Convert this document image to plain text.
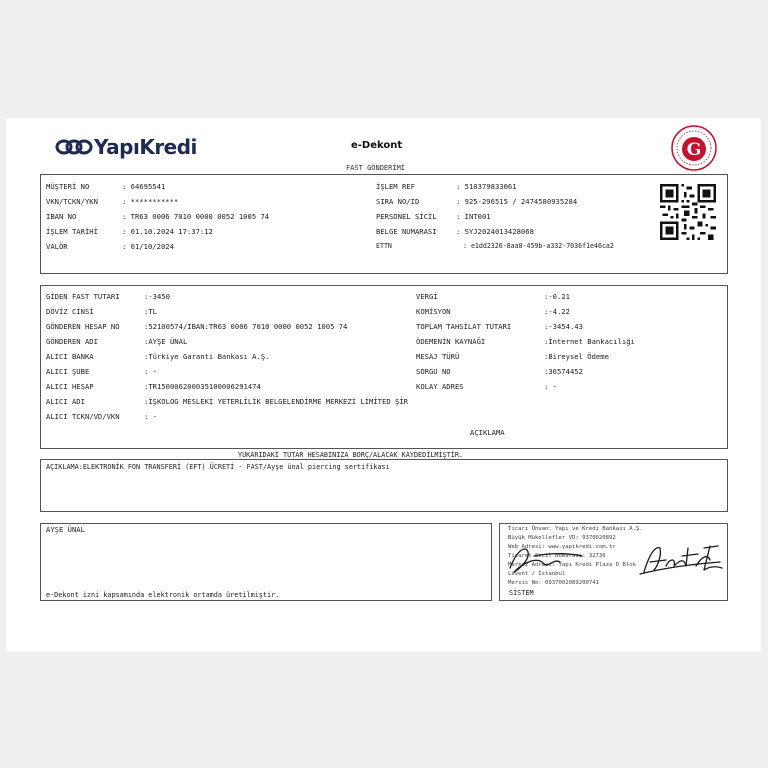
YapıKredi	e-Dekont
FAST GÖNDERİMİ
G
MÜŞTERİ NO	: 64695541
VKN/TCKN/YKN	: ***********
IBAN NO	: TR63 0006 7010 0000 0052 1005 74
İŞLEM TARİHİ	: 01.10.2024 17:37:12
VALÖR	: 01/10/2024
İŞLEM REF	: 510379833061
SIRA NO/ID	: 925-296515 / 2474580935284
PERSONEL SİCİL	: INT001
BELGE NUMARASI	: SYJ2024013428068
ETTN	: e1dd2326-8aa8-459b-a332-7036f1e46ca2
GİDEN FAST TUTARI	:-3450
DÖVİZ CİNSİ	:TL
GÖNDEREN HESAP NO	:52100574/IBAN:TR63 0006 7010 0000 0052 1005 74
GÖNDEREN ADI	:AYŞE ÜNAL
ALICI BANKA	:Türkiye Garanti Bankası A.Ş.
ALICI ŞUBE	: -
ALICI HESAP	:TR150006200035100006291474
ALICI ADI	:İŞKOLOG MESLEKİ YETERLİLİK BELGELENDİRME MERKEZİ LİMİTED ŞİR
ALICI TCKN/VD/VKN	: -
VERGİ	:-0.21
KOMİSYON	:-4.22
TOPLAM TAHSİLAT TUTARI	:-3454.43
ÖDEMENİN KAYNAĞI	:İnternet Bankacılığı
MESAJ TÜRÜ	:Bireysel Ödeme
SORGU NO	:36574452
KOLAY ADRES	: -
AÇIKLAMA
YUKARIDAKİ TUTAR HESABINIZA BORÇ/ALACAK KAYDEDİLMİŞTİR.
AÇIKLAMA:ELEKTRONİK FON TRANSFERİ (EFT) ÜCRETİ - FAST/Ayşe ünal piercing sertifikası
AYŞE ÜNAL
e-Dekont izni kapsamında elektronik ortamda üretilmiştir.
Ticari Ünvan: Yapı ve Kredi Bankası A.Ş.
Büyük Mükellefler VD: 9370020892
Web Adresi: www.yapikredi.com.tr
Ticaret Sicil Numarası: 32736
Merkez Adresi: Yapı Kredi Plaza D Blok
Levent / İstanbul
Mersis No: 0937002089200741
SİSTEM
